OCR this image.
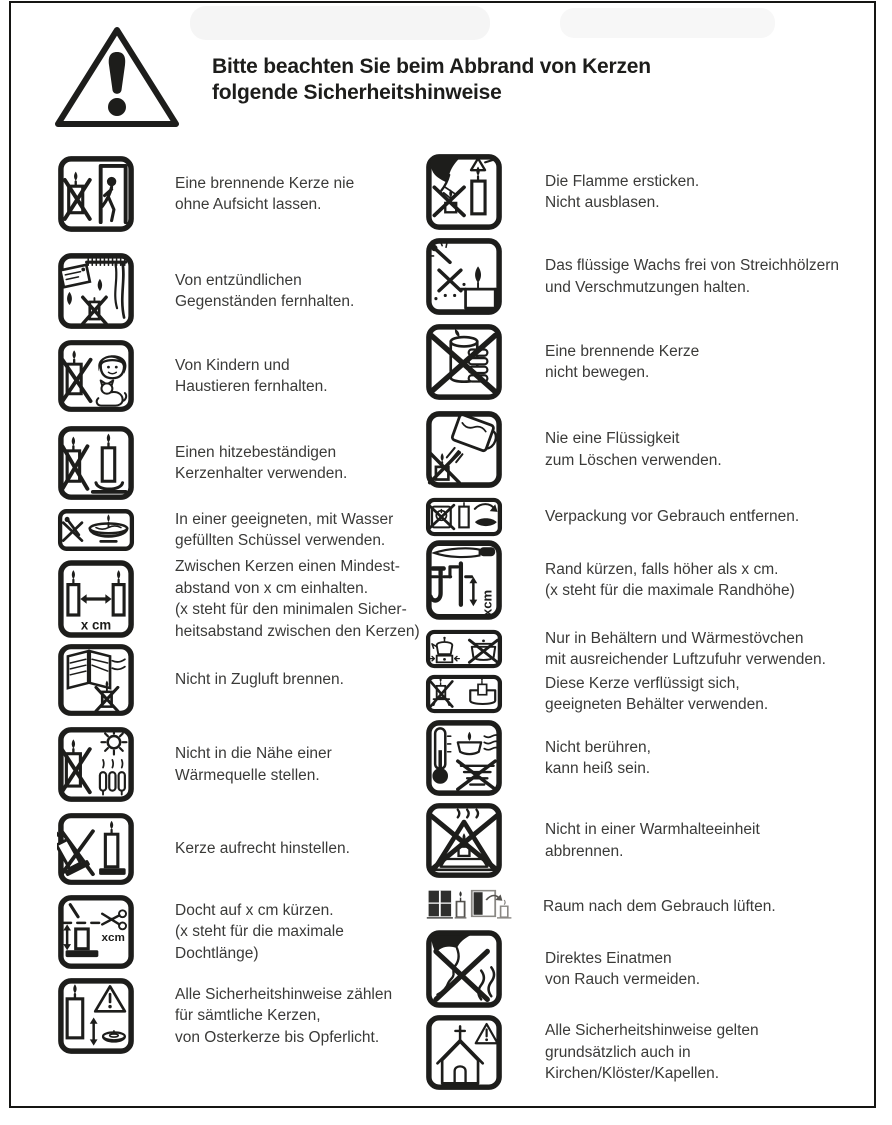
Bitte beachten Sie beim Abbrand von Kerzen
folgende Sicherheitshinweise
Eine brennende Kerze nie
ohne Aufsicht lassen.
Von entzündlichen
Gegenständen fernhalten.
Von Kindern und
Haustieren fernhalten.
Einen hitzebeständigen
Kerzenhalter verwenden.
In einer geeigneten, mit Wasser
gefüllten Schüssel verwenden.
x cm
Zwischen Kerzen einen Mindest-
abstand von x cm einhalten.
(x steht für den minimalen Sicher-
heitsabstand zwischen den Kerzen)
Nicht in Zugluft brennen.
Nicht in die Nähe einer
Wärmequelle stellen.
Kerze aufrecht hinstellen.
xcm
Docht auf x cm kürzen.
(x steht für die maximale
Dochtlänge)
Alle Sicherheitshinweise zählen
für sämtliche Kerzen,
von Osterkerze bis Opferlicht.
Die Flamme ersticken.
Nicht ausblasen.
Das flüssige Wachs frei von Streichhölzern
und Verschmutzungen halten.
Eine brennende Kerze
nicht bewegen.
Nie eine Flüssigkeit
zum Löschen verwenden.
Verpackung vor Gebrauch entfernen.
xcm
Rand kürzen, falls höher als x cm.
(x steht für die maximale Randhöhe)
Nur in Behältern und Wärmestövchen
mit ausreichender Luftzufuhr verwenden.
Diese Kerze verflüssigt sich,
geeigneten Behälter verwenden.
Nicht berühren,
kann heiß sein.
Nicht in einer Warmhalteeinheit
abbrennen.
Raum nach dem Gebrauch lüften.
Direktes Einatmen
von Rauch vermeiden.
Alle Sicherheitshinweise gelten
grundsätzlich auch in
Kirchen/Klöster/Kapellen.
